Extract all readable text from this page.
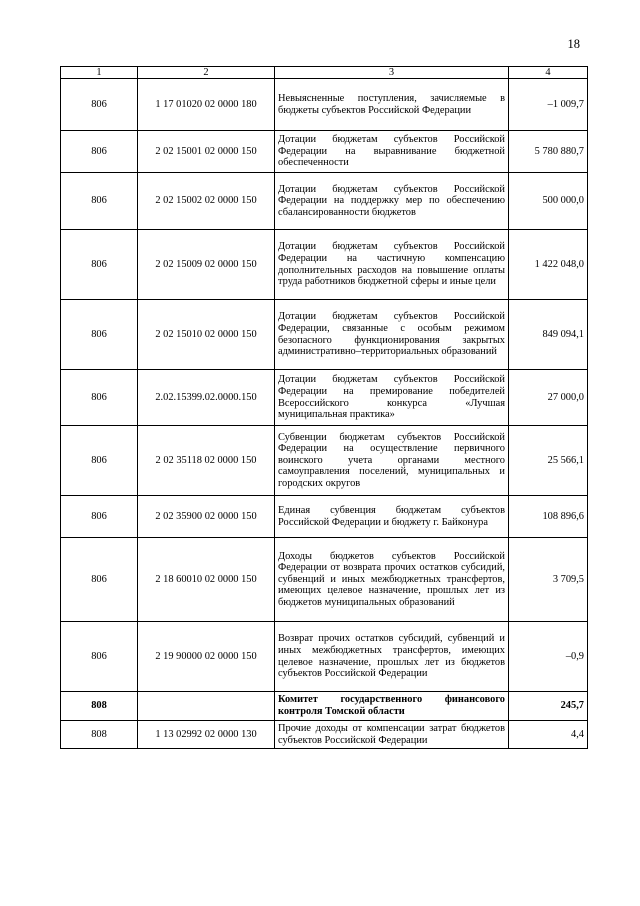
18
1	2	3	4
806	1 17 01020 02 0000 180	Невыясненные поступления, зачисляемые в бюджеты субъектов Российской Федерации	–1 009,7
806	2 02 15001 02 0000 150	Дотации бюджетам субъектов Российской Федерации на выравнивание бюджетной обеспеченности	5 780 880,7
806	2 02 15002 02 0000 150	Дотации бюджетам субъектов Российской Федерации на поддержку мер по обеспечению сбалансированности бюджетов	500 000,0
806	2 02 15009 02 0000 150	Дотации бюджетам субъектов Российской Федерации на частичную компенсацию дополнительных расходов на повышение оплаты труда работников бюджетной сферы и иные цели	1 422 048,0
806	2 02 15010 02 0000 150	Дотации бюджетам субъектов Российской Федерации, связанные с особым режимом безопасного функционирования закрытых административно–территориальных образований	849 094,1
806	2.02.15399.02.0000.150	Дотации бюджетам субъектов Российской Федерации на премирование победителей Всероссийского конкурса «Лучшая муниципальная практика»	27 000,0
806	2 02 35118 02 0000 150	Субвенции бюджетам субъектов Российской Федерации на осуществление первичного воинского учета органами местного самоуправления поселений, муниципальных и городских округов	25 566,1
806	2 02 35900 02 0000 150	Единая субвенция бюджетам субъектов Российской Федерации и бюджету г. Байконура	108 896,6
806	2 18 60010 02 0000 150	Доходы бюджетов субъектов Российской Федерации от возврата прочих остатков субсидий, субвенций и иных межбюджетных трансфертов, имеющих целевое назначение, прошлых лет из бюджетов муниципальных образований	3 709,5
806	2 19 90000 02 0000 150	Возврат прочих остатков субсидий, субвенций и иных межбюджетных трансфертов, имеющих целевое назначение, прошлых лет из бюджетов субъектов Российской Федерации	–0,9
808		Комитет государственного финансового контроля Томской области	245,7
808	1 13 02992 02 0000 130	Прочие доходы от компенсации затрат бюджетов субъектов Российской Федерации	4,4
